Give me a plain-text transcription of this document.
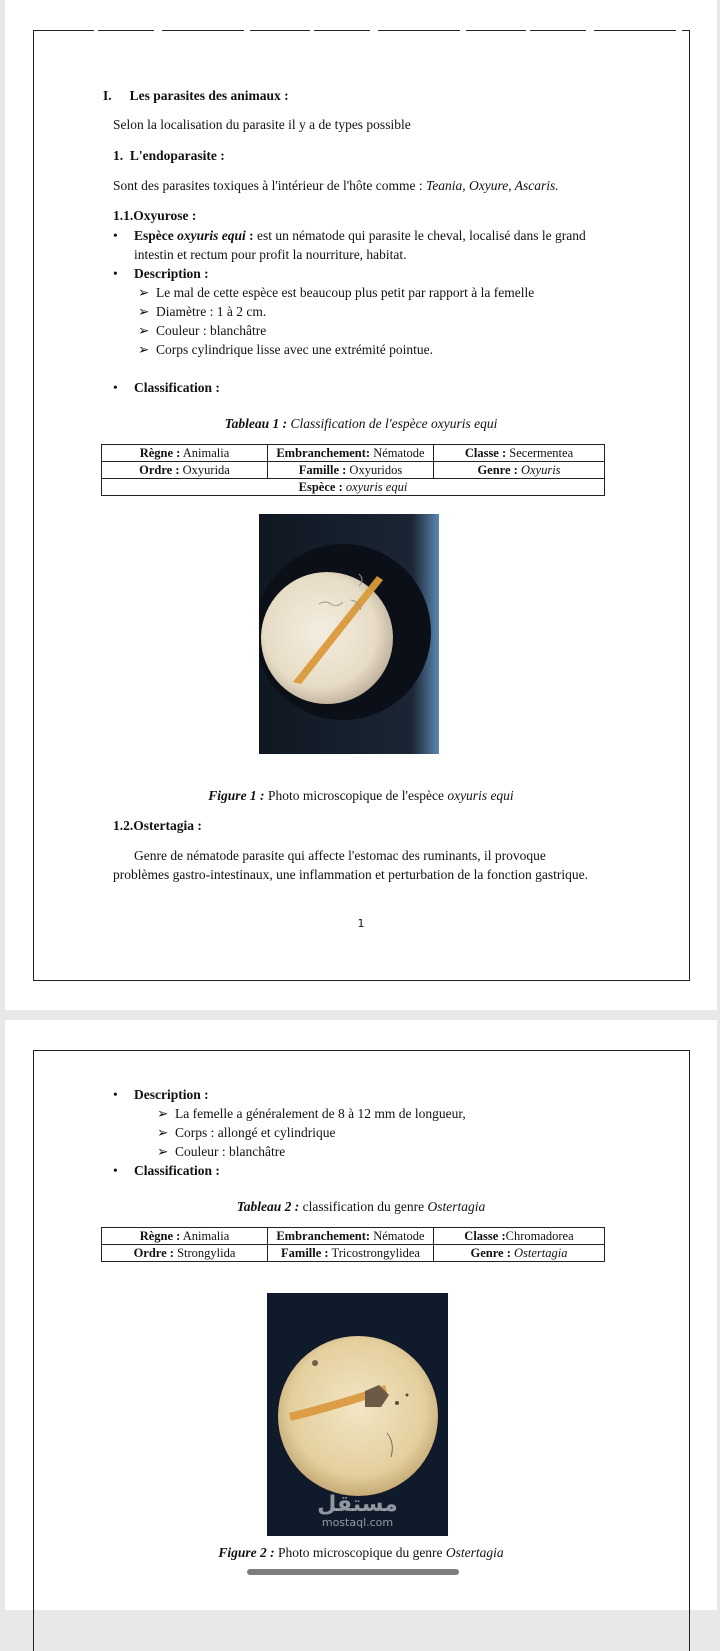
I. Les parasites des animaux :
Selon la localisation du parasite il y a de types possible
1. L'endoparasite :
Sont des parasites toxiques à l'intérieur de l'hôte comme : Teania, Oxyure, Ascaris.
1.1.Oxyurose :
• Espèce oxyuris equi : est un nématode qui parasite le cheval, localisé dans le grand
intestin et rectum pour profit la nourriture, habitat.
• Description :
➢ Le mal de cette espèce est beaucoup plus petit par rapport à la femelle
➢ Diamètre : 1 à 2 cm.
➢ Couleur : blanchâtre
➢ Corps cylindrique lisse avec une extrémité pointue.
• Classification :
Tableau 1 : Classification de l'espèce oxyuris equi
Règne : Animalia	Embranchement: Nématode	Classe : Secermentea
Ordre : Oxyurida	Famille : Oxyuridos	Genre : Oxyuris
Espèce : oxyuris equi		
Figure 1 : Photo microscopique de l'espèce oxyuris equi
1.2.Ostertagia :
Genre de nématode parasite qui affecte l'estomac des ruminants, il provoque
problèmes gastro-intestinaux, une inflammation et perturbation de la fonction gastrique.
1
• Description :
➢ La femelle a généralement de 8 à 12 mm de longueur,
➢ Corps : allongé et cylindrique
➢ Couleur : blanchâtre
• Classification :
Tableau 2 : classification du genre Ostertagia
Règne : Animalia	Embranchement: Nématode	Classe :Chromadorea
Ordre : Strongylida	Famille : Tricostrongylidea	Genre : Ostertagia
مستقل
mostaql.com
Figure 2 : Photo microscopique du genre Ostertagia
